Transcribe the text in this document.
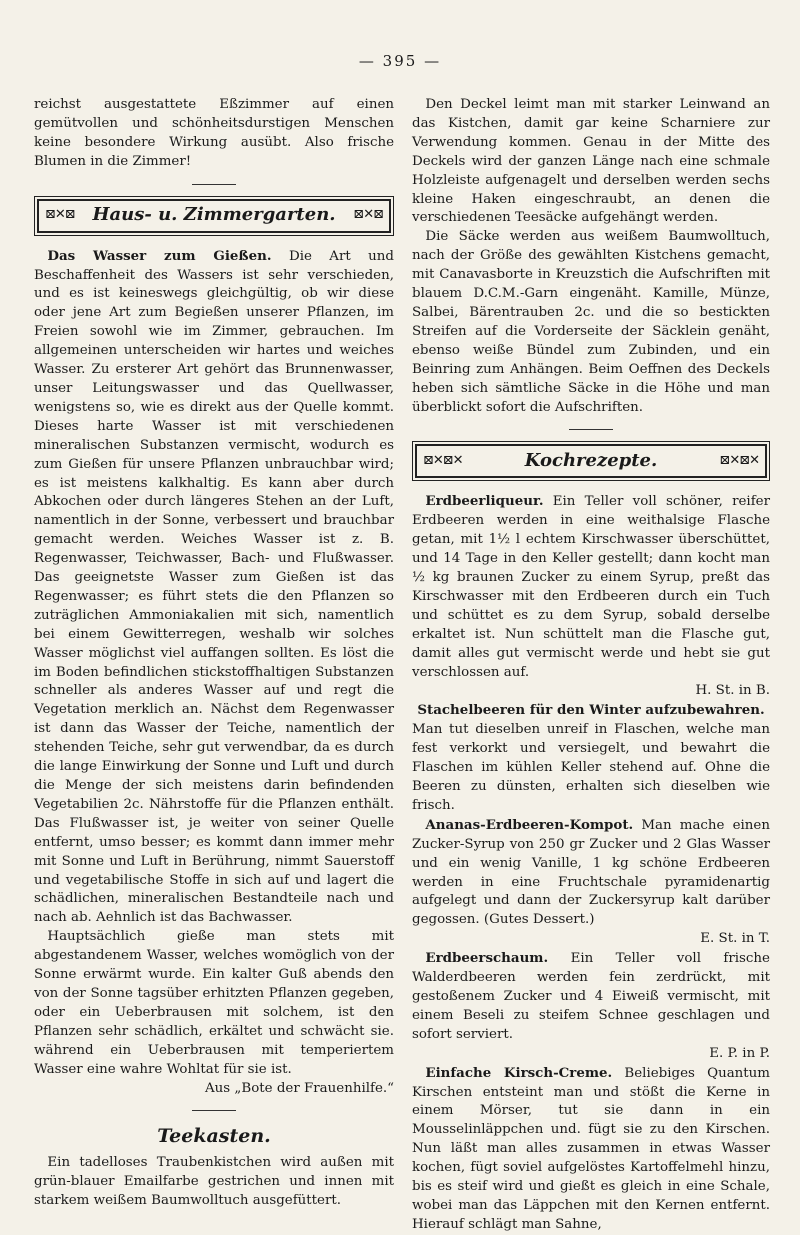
— 395 —

reichst ausgestattete Eßzimmer auf einen gemütvollen und schönheitsdurstigen Menschen keine besondere Wirkung ausübt. Also frische Blumen in die Zimmer!

⊠✕⊠ Haus- u. Zimmergarten. ⊠✕⊠

Das Wasser zum Gießen. Die Art und Beschaffenheit des Wassers ist sehr verschieden, und es ist keineswegs gleichgültig, ob wir diese oder jene Art zum Begießen unserer Pflanzen, im Freien sowohl wie im Zimmer, gebrauchen. Im allgemeinen unterscheiden wir hartes und weiches Wasser. Zu ersterer Art gehört das Brunnenwasser, unser Leitungswasser und das Quellwasser, wenigstens so, wie es direkt aus der Quelle kommt. Dieses harte Wasser ist mit verschiedenen mineralischen Substanzen vermischt, wodurch es zum Gießen für unsere Pflanzen unbrauchbar wird; es ist meistens kalkhaltig. Es kann aber durch Abkochen oder durch längeres Stehen an der Luft, namentlich in der Sonne, verbessert und brauchbar gemacht werden. Weiches Wasser ist z. B. Regenwasser, Teichwasser, Bach- und Flußwasser. Das geeignetste Wasser zum Gießen ist das Regenwasser; es führt stets die den Pflanzen so zuträglichen Ammoniakalien mit sich, namentlich bei einem Gewitterregen, weshalb wir solches Wasser möglichst viel auffangen sollten. Es löst die im Boden befindlichen stickstoffhaltigen Substanzen schneller als anderes Wasser auf und regt die Vegetation merklich an. Nächst dem Regenwasser ist dann das Wasser der Teiche, namentlich der stehenden Teiche, sehr gut verwendbar, da es durch die lange Einwirkung der Sonne und Luft und durch die Menge der sich meistens darin befindenden Vegetabilien 2c. Nährstoffe für die Pflanzen enthält. Das Flußwasser ist, je weiter von seiner Quelle entfernt, umso besser; es kommt dann immer mehr mit Sonne und Luft in Berührung, nimmt Sauerstoff und vegetabilische Stoffe in sich auf und lagert die schädlichen, mineralischen Bestandteile nach und nach ab. Aehnlich ist das Bachwasser.

Hauptsächlich gieße man stets mit abgestandenem Wasser, welches womöglich von der Sonne erwärmt wurde. Ein kalter Guß abends den von der Sonne tagsüber erhitzten Pflanzen gegeben, oder ein Ueberbrausen mit solchem, ist den Pflanzen sehr schädlich, erkältet und schwächt sie. während ein Ueberbrausen mit temperiertem Wasser eine wahre Wohltat für sie ist.

Aus „Bote der Frauenhilfe.“

Teekasten.

Ein tadelloses Traubenkistchen wird außen mit grün-blauer Emailfarbe gestrichen und innen mit starkem weißem Baumwolltuch ausgefüttert.

Den Deckel leimt man mit starker Leinwand an das Kistchen, damit gar keine Scharniere zur Verwendung kommen. Genau in der Mitte des Deckels wird der ganzen Länge nach eine schmale Holzleiste aufgenagelt und derselben werden sechs kleine Haken eingeschraubt, an denen die verschiedenen Teesäcke aufgehängt werden.

Die Säcke werden aus weißem Baumwolltuch, nach der Größe des gewählten Kistchens gemacht, mit Canavasborte in Kreuzstich die Aufschriften mit blauem D.C.M.-Garn eingenäht. Kamille, Münze, Salbei, Bärentrauben 2c. und die so bestickten Streifen auf die Vorderseite der Säcklein genäht, ebenso weiße Bündel zum Zubinden, und ein Beinring zum Anhängen. Beim Oeffnen des Deckels heben sich sämtliche Säcke in die Höhe und man überblickt sofort die Aufschriften.

⊠✕⊠✕	Kochrezepte.	⊠✕⊠✕

Erdbeerliqueur. Ein Teller voll schöner, reifer Erdbeeren werden in eine weithalsige Flasche getan, mit 1½ l echtem Kirschwasser überschüttet, und 14 Tage in den Keller gestellt; dann kocht man ½ kg braunen Zucker zu einem Syrup, preßt das Kirschwasser mit den Erdbeeren durch ein Tuch und schüttet es zu dem Syrup, sobald derselbe erkaltet ist. Nun schüttelt man die Flasche gut, damit alles gut vermischt werde und hebt sie gut verschlossen auf.

H. St. in B.

Stachelbeeren für den Winter aufzubewahren.

Man tut dieselben unreif in Flaschen, welche man fest verkorkt und versiegelt, und bewahrt die Flaschen im kühlen Keller stehend auf. Ohne die Beeren zu dünsten, erhalten sich dieselben wie frisch.

Ananas-Erdbeeren-Kompot. Man mache einen Zucker-Syrup von 250 gr Zucker und 2 Glas Wasser und ein wenig Vanille, 1 kg schöne Erdbeeren werden in eine Fruchtschale pyramidenartig aufgelegt und dann der Zuckersyrup kalt darüber gegossen. (Gutes Dessert.)

E. St. in T.

Erdbeerschaum. Ein Teller voll frische Walderdbeeren werden fein zerdrückt, mit gestoßenem Zucker und 4 Eiweiß vermischt, mit einem Beseli zu steifem Schnee geschlagen und sofort serviert.

E. P. in P.

Einfache Kirsch-Creme. Beliebiges Quantum Kirschen entsteint man und stößt die Kerne in einem Mörser, tut sie dann in ein Mousselinläppchen und. fügt sie zu den Kirschen. Nun läßt man alles zusammen in etwas Wasser kochen, fügt soviel aufgelöstes Kartoffelmehl hinzu, bis es steif wird und gießt es gleich in eine Schale, wobei man das Läppchen mit den Kernen entfernt. Hierauf schlägt man Sahne,
